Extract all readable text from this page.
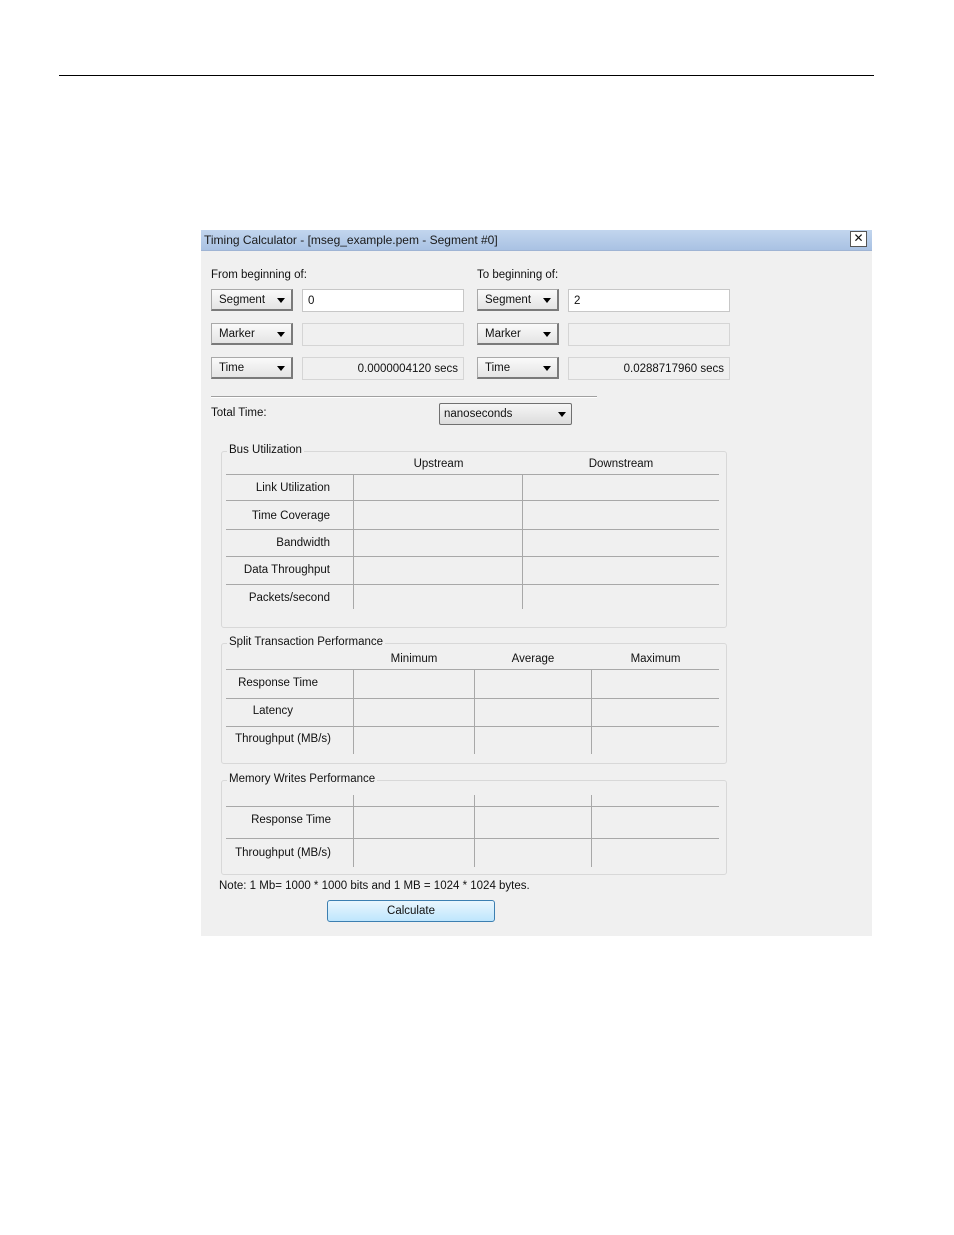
Timing Calculator - [mseg_example.pem - Segment #0]	✕
From beginning of:
Segment
0
Marker
Time
0.0000004120 secs
To beginning of:
Segment
2
Marker
Time
0.0288717960 secs
Total Time:	nanoseconds
Bus Utilization
Upstream	Downstream
Link Utilization
Time Coverage
Bandwidth
Data Throughput
Packets/second
Split Transaction Performance
Minimum	Average	Maximum
Response Time
Latency
Throughput (MB/s)
Memory Writes Performance
Response Time
Throughput (MB/s)
Note: 1 Mb= 1000 * 1000 bits and 1 MB = 1024 * 1024 bytes.
Calculate
